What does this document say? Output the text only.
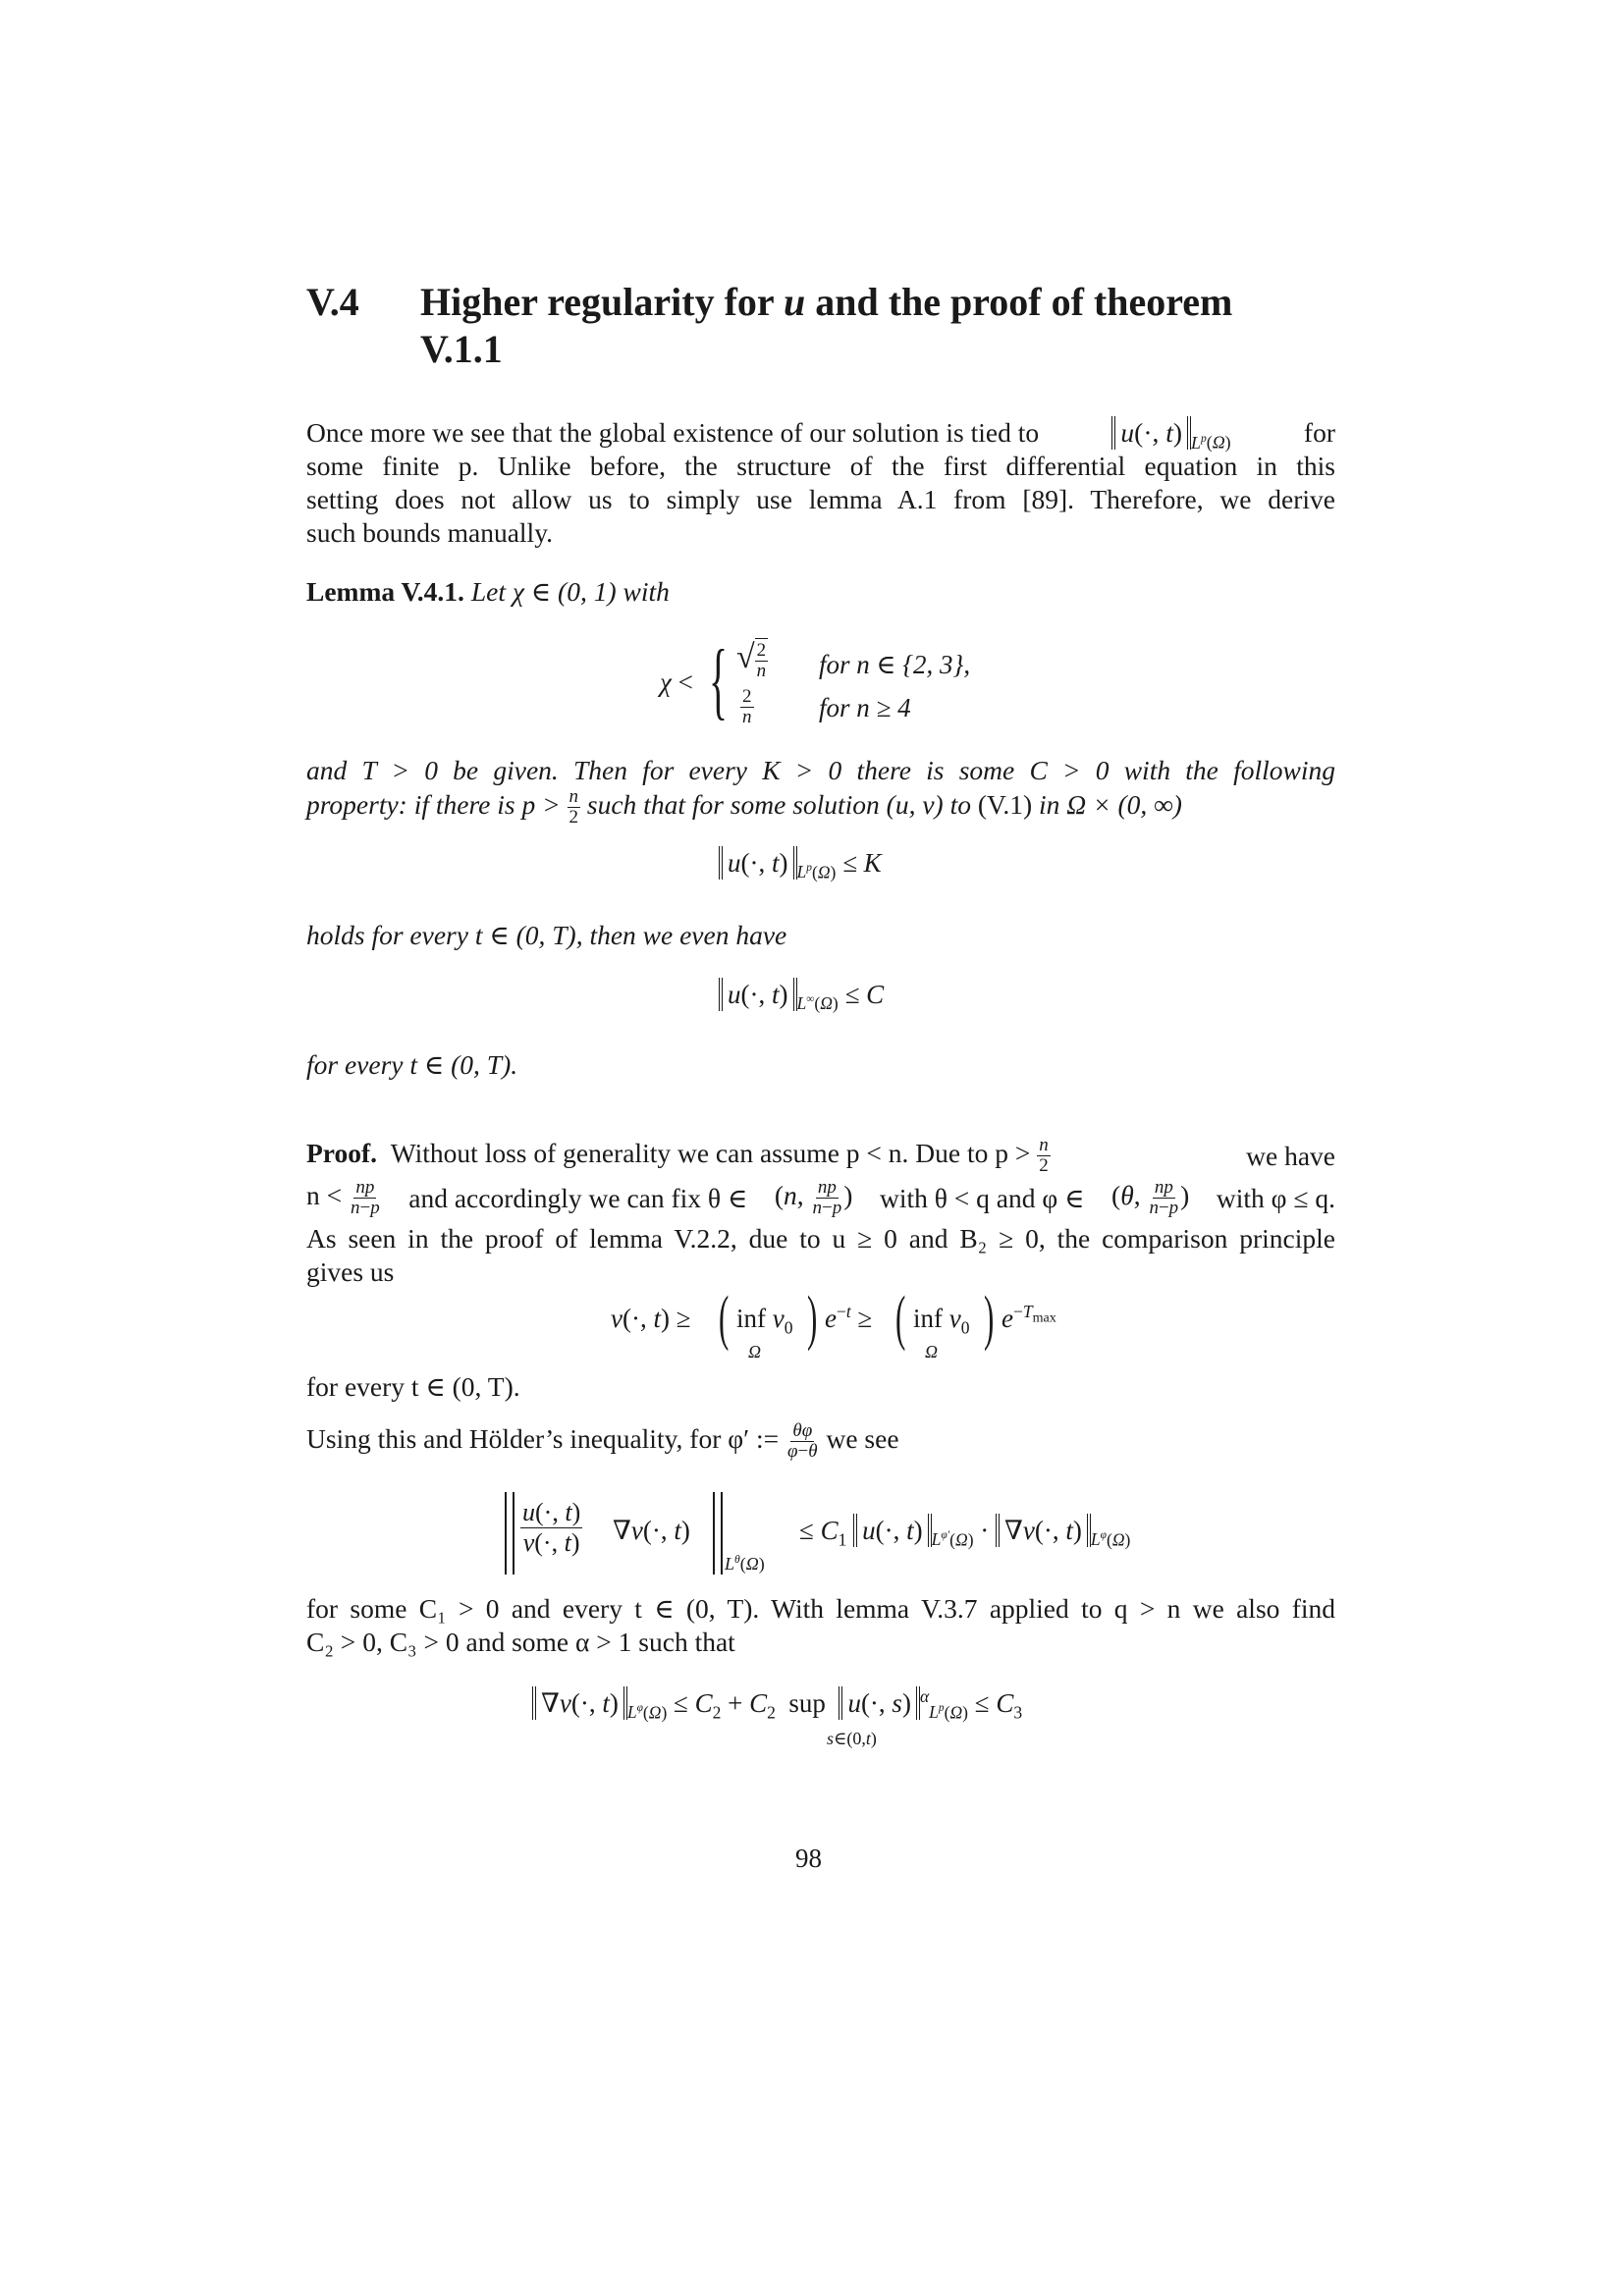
V.4 Higher regularity for u and the proof of theorem
V.1.1
Once more we see that the global existence of our solution is tied to	u(·, t) $_{L^p(\Omega)}$	for
some finite p. Unlike before, the structure of the first differential equation in this
setting does not allow us to simply use lemma A.1 from [89]. Therefore, we derive
such bounds manually.
Lemma V.4.1. Let χ ∈ (0, 1) with
χ < { √ $\frac{2}{n}$
$\frac{2}{n}$
for n ∈ {2, 3},
for n ≥ 4
and T > 0 be given. Then for every K > 0 there is some C > 0 with the following
property: if there is $p > \frac{n}{2}$ such that for some solution (u, v) to (V.1) in Ω × (0, ∞)
u(·, t) $_{L^p(\Omega)}$ ≤ K
holds for every t ∈ (0, T), then we even have
u(·, t) $_{L^\infty(\Omega)}$ ≤ C
for every t ∈ (0, T).
Proof. Without loss of generality we can assume p < n. Due to $p > \frac{n}{2}$	we have
$n < \frac{np}{n-p}$ and accordingly we can fix θ ∈ (n, $\frac{np}{n-p}$ ) with θ < q and φ ∈ (θ, $\frac{np}{n-p}$ ) with φ ≤ q.
As seen in the proof of lemma V.2.2, due to u ≥ 0 and B₂ ≥ 0, the comparison principle
gives us
v(·, t) ≥ ( inf $v_0$
Ω ) $e^{-t}$ ≥ ( inf $v_0$
Ω ) $e^{-T_{max}}$
for every t ∈ (0, T).
Using this and Hölder’s inequality, for φ′ := $\frac{\theta\varphi}{\varphi-\theta}$ we see
$\frac{u(\cdot, t)}{v(\cdot, t)} \nabla v(\cdot$, t)
$L^\theta(\Omega)$
≤ $C_1$ u(·, t) $_{L^{\varphi'}(\Omega)}$ · ∇v(·, t) $_{L^\varphi(\Omega)}$
for some C₁ > 0 and every t ∈ (0, T). With lemma V.3.7 applied to q > n we also find
C₂ > 0, C₃ > 0 and some α > 1 such that
∇v(·, t) $_{L^\varphi(\Omega)} \le C_2 + C_2$  sup  u(·, s) $^\alpha_{L^p(\Omega)} \le C_3$
s∈(0,t)
98
